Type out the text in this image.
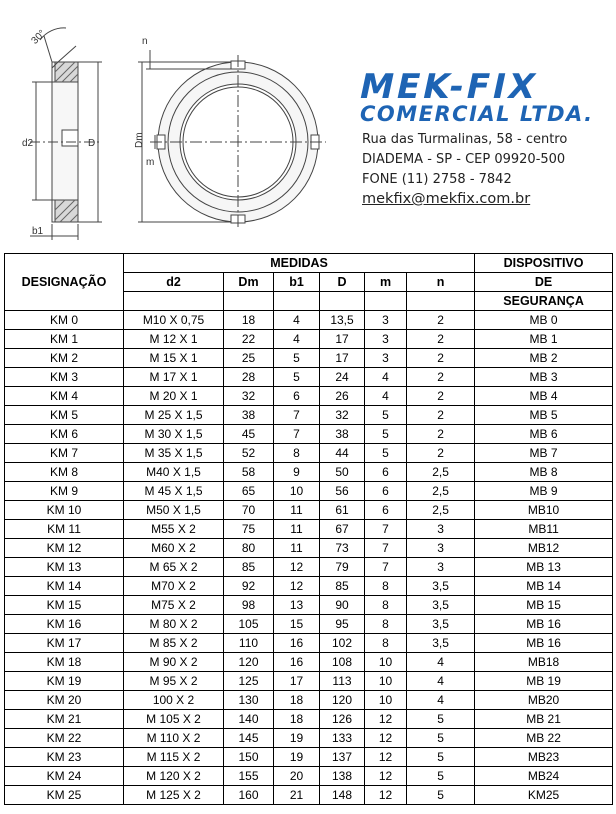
30°
d2	D
b1
Dm
n
m
MEK-FIX
COMERCIAL LTDA.
Rua das Turmalinas, 58 - centro
DIADEMA - SP - CEP 09920-500
FONE (11) 2758 - 7842
mekfix@mekfix.com.br
DESIGNAÇÃO	MEDIDAS						DISPOSITIVO
	d2	Dm	b1	D	m	n	DE
							SEGURANÇA
KM 0	M10 X 0,75	18	4	13,5	3	2	MB 0
KM 1	M 12 X 1	22	4	17	3	2	MB 1
KM 2	M 15 X 1	25	5	17	3	2	MB 2
KM 3	M 17 X 1	28	5	24	4	2	MB 3
KM 4	M 20 X 1	32	6	26	4	2	MB 4
KM 5	M 25 X 1,5	38	7	32	5	2	MB 5
KM 6	M 30 X 1,5	45	7	38	5	2	MB 6
KM 7	M 35 X 1,5	52	8	44	5	2	MB 7
KM 8	M40 X 1,5	58	9	50	6	2,5	MB 8
KM 9	M 45 X 1,5	65	10	56	6	2,5	MB 9
KM 10	M50 X 1,5	70	11	61	6	2,5	MB10
KM 11	M55 X 2	75	11	67	7	3	MB11
KM 12	M60 X 2	80	11	73	7	3	MB12
KM 13	M 65 X 2	85	12	79	7	3	MB 13
KM 14	M70 X 2	92	12	85	8	3,5	MB 14
KM 15	M75 X 2	98	13	90	8	3,5	MB 15
KM 16	M 80 X 2	105	15	95	8	3,5	MB 16
KM 17	M 85 X 2	110	16	102	8	3,5	MB 16
KM 18	M 90 X 2	120	16	108	10	4	MB18
KM 19	M 95 X 2	125	17	113	10	4	MB 19
KM 20	100 X 2	130	18	120	10	4	MB20
KM 21	M 105 X 2	140	18	126	12	5	MB 21
KM 22	M 110 X 2	145	19	133	12	5	MB 22
KM 23	M 115 X 2	150	19	137	12	5	MB23
KM 24	M 120 X 2	155	20	138	12	5	MB24
KM 25	M 125 X 2	160	21	148	12	5	KM25
